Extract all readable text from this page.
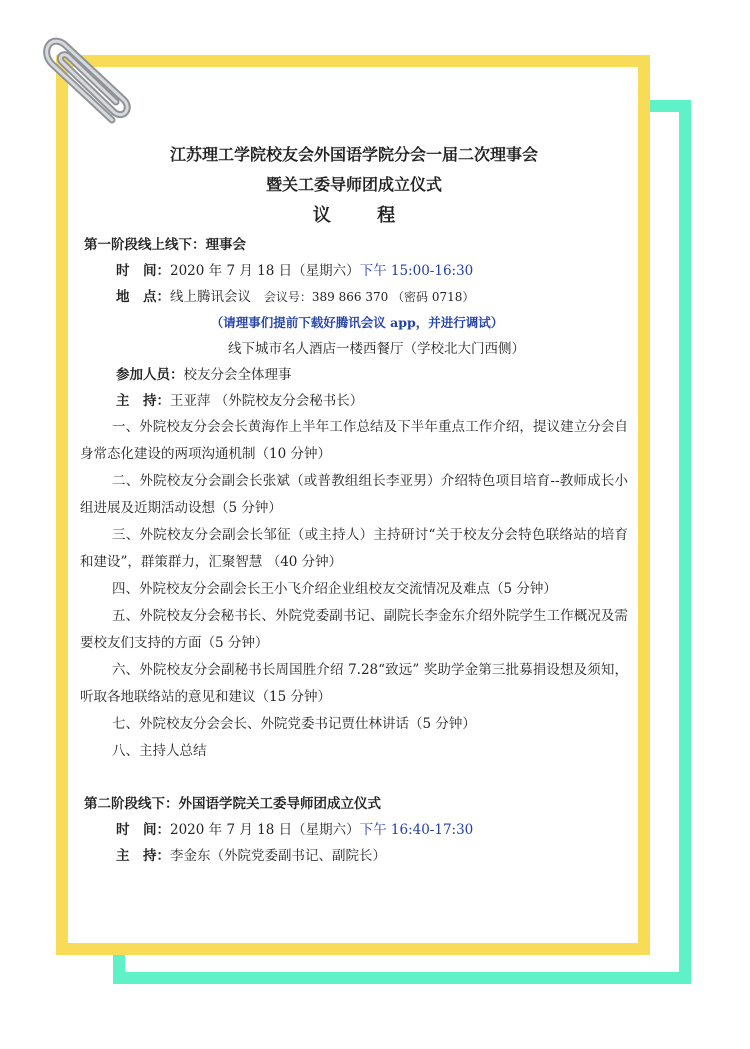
江苏理工学院校友会外国语学院分会一届二次理事会
暨关工委导师团成立仪式
议 程
第一阶段线上线下：理事会
时　间：2020 年 7 月 18 日（星期六）下午 15:00-16:30
地　点：线上腾讯会议 会议号：389 866 370 （密码 0718）
（请理事们提前下载好腾讯会议 app，并进行调试）
线下城市名人酒店一楼西餐厅（学校北大门西侧）
参加人员：校友分会全体理事
主　持：王亚萍 （外院校友分会秘书长）

一、外院校友分会会长黄海作上半年工作总结及下半年重点工作介绍，提议建立分会自身常态化建设的两项沟通机制（10 分钟）

二、外院校友分会副会长张斌（或普教组组长李亚男）介绍特色项目培育--教师成长小组进展及近期活动设想（5 分钟）

三、外院校友分会副会长邹征（或主持人）主持研讨“关于校友分会特色联络站的培育和建设”，群策群力，汇聚智慧 （40 分钟）

四、外院校友分会副会长王小飞介绍企业组校友交流情况及难点（5 分钟）

五、外院校友分会秘书长、外院党委副书记、副院长李金东介绍外院学生工作概况及需要校友们支持的方面（5 分钟）

六、外院校友分会副秘书长周国胜介绍 7.28“致远” 奖助学金第三批募捐设想及须知，听取各地联络站的意见和建议（15 分钟）

七、外院校友分会会长、外院党委书记贾仕林讲话（5 分钟）

八、主持人总结

第二阶段线下：外国语学院关工委导师团成立仪式
时　间：2020 年 7 月 18 日（星期六）下午 16:40-17:30
主　持：李金东（外院党委副书记、副院长）
